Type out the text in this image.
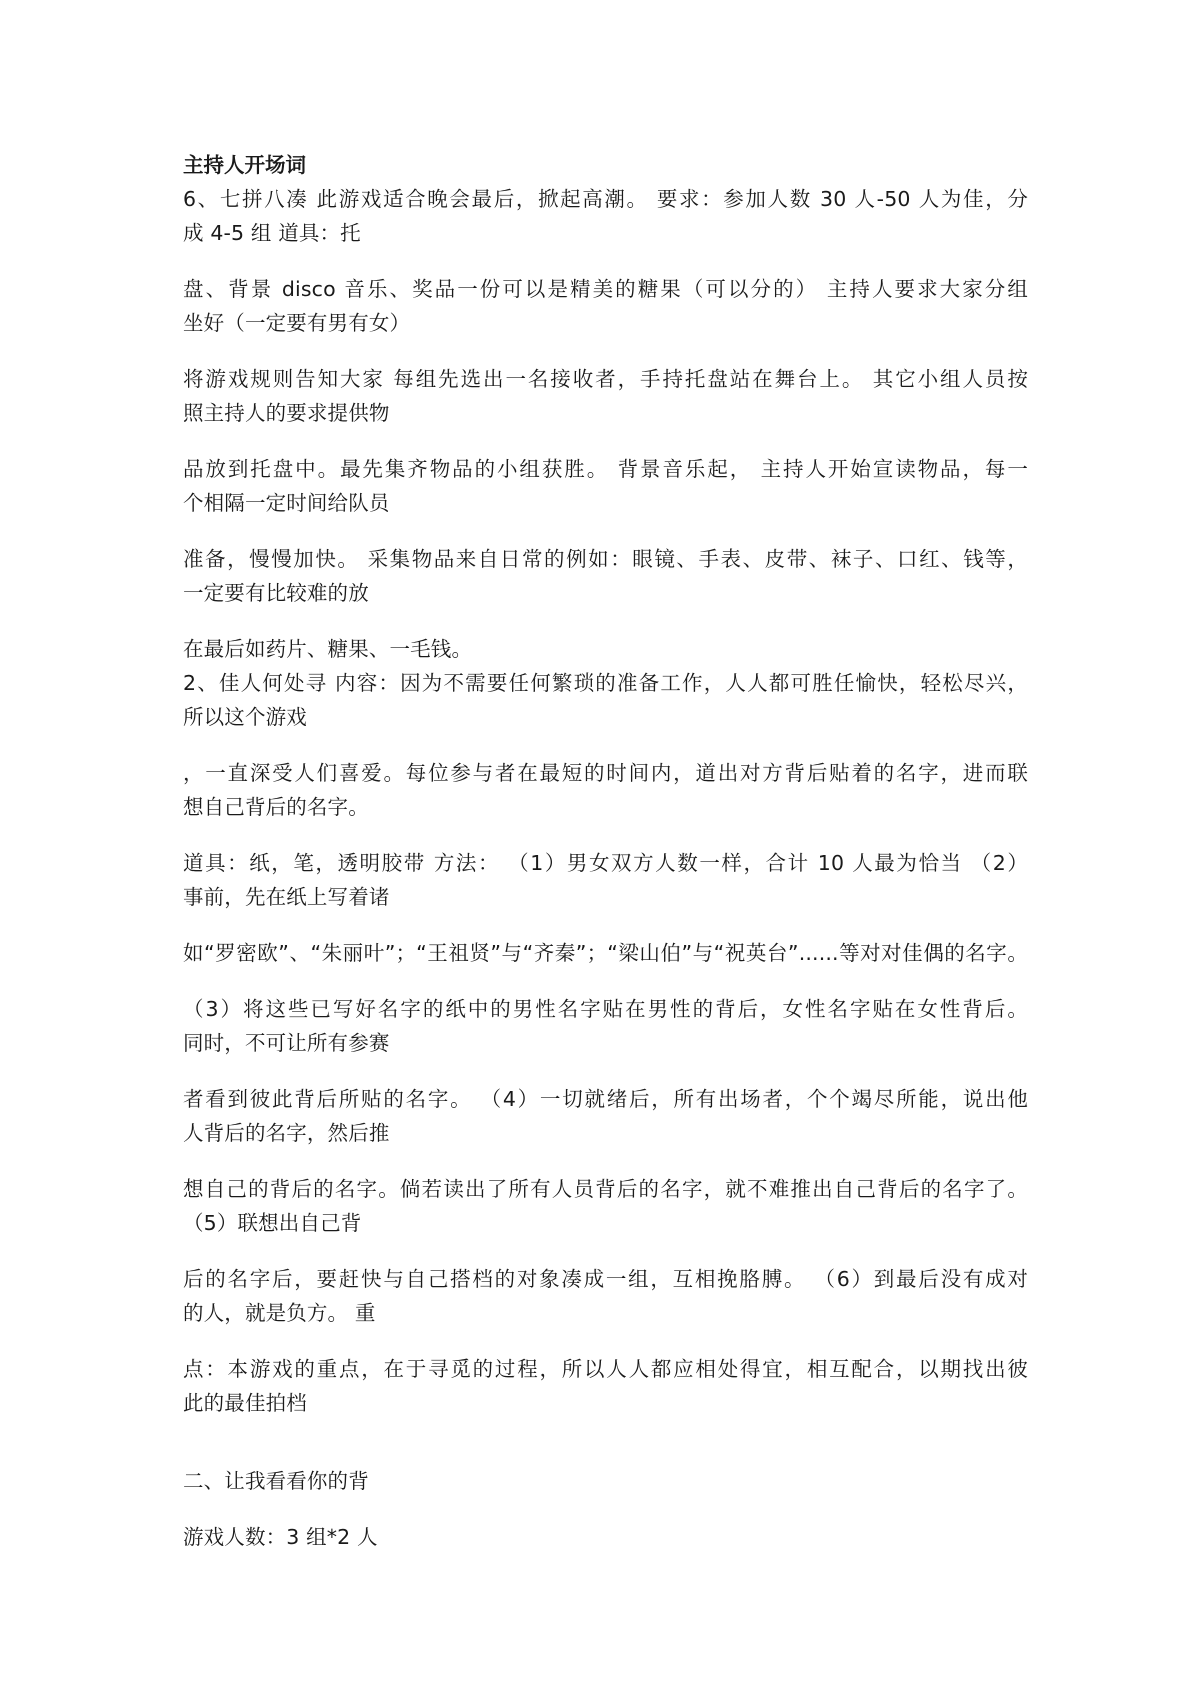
主持人开场词
6、七拼八凑 此游戏适合晚会最后，掀起高潮。 要求：参加人数 30 人-50 人为佳，分
成 4-5 组 道具：托
盘、背景 disco 音乐、奖品一份可以是精美的糖果（可以分的） 主持人要求大家分组
坐好（一定要有男有女）
将游戏规则告知大家 每组先选出一名接收者，手持托盘站在舞台上。 其它小组人员按
照主持人的要求提供物
品放到托盘中。最先集齐物品的小组获胜。 背景音乐起， 主持人开始宣读物品，每一
个相隔一定时间给队员
准备，慢慢加快。 采集物品来自日常的例如：眼镜、手表、皮带、袜子、口红、钱等，
一定要有比较难的放
在最后如药片、糖果、一毛钱。
2、佳人何处寻 内容：因为不需要任何繁琐的准备工作，人人都可胜任愉快，轻松尽兴，
所以这个游戏
，一直深受人们喜爱。每位参与者在最短的时间内，道出对方背后贴着的名字，进而联
想自己背后的名字。
道具：纸，笔，透明胶带 方法： （1）男女双方人数一样，合计 10 人最为恰当 （2）
事前，先在纸上写着诸
如“罗密欧”、“朱丽叶”；“王祖贤”与“齐秦”；“梁山伯”与“祝英台”......等对对佳偶的名字。
（3）将这些已写好名字的纸中的男性名字贴在男性的背后，女性名字贴在女性背后。
同时，不可让所有参赛
者看到彼此背后所贴的名字。 （4）一切就绪后，所有出场者，个个竭尽所能，说出他
人背后的名字，然后推
想自己的背后的名字。倘若读出了所有人员背后的名字，就不难推出自己背后的名字了。
（5）联想出自己背
后的名字后，要赶快与自己搭档的对象凑成一组，互相挽胳膊。 （6）到最后没有成对
的人，就是负方。 重
点：本游戏的重点，在于寻觅的过程，所以人人都应相处得宜，相互配合，以期找出彼
此的最佳拍档
二、让我看看你的背
游戏人数：3 组*2 人
